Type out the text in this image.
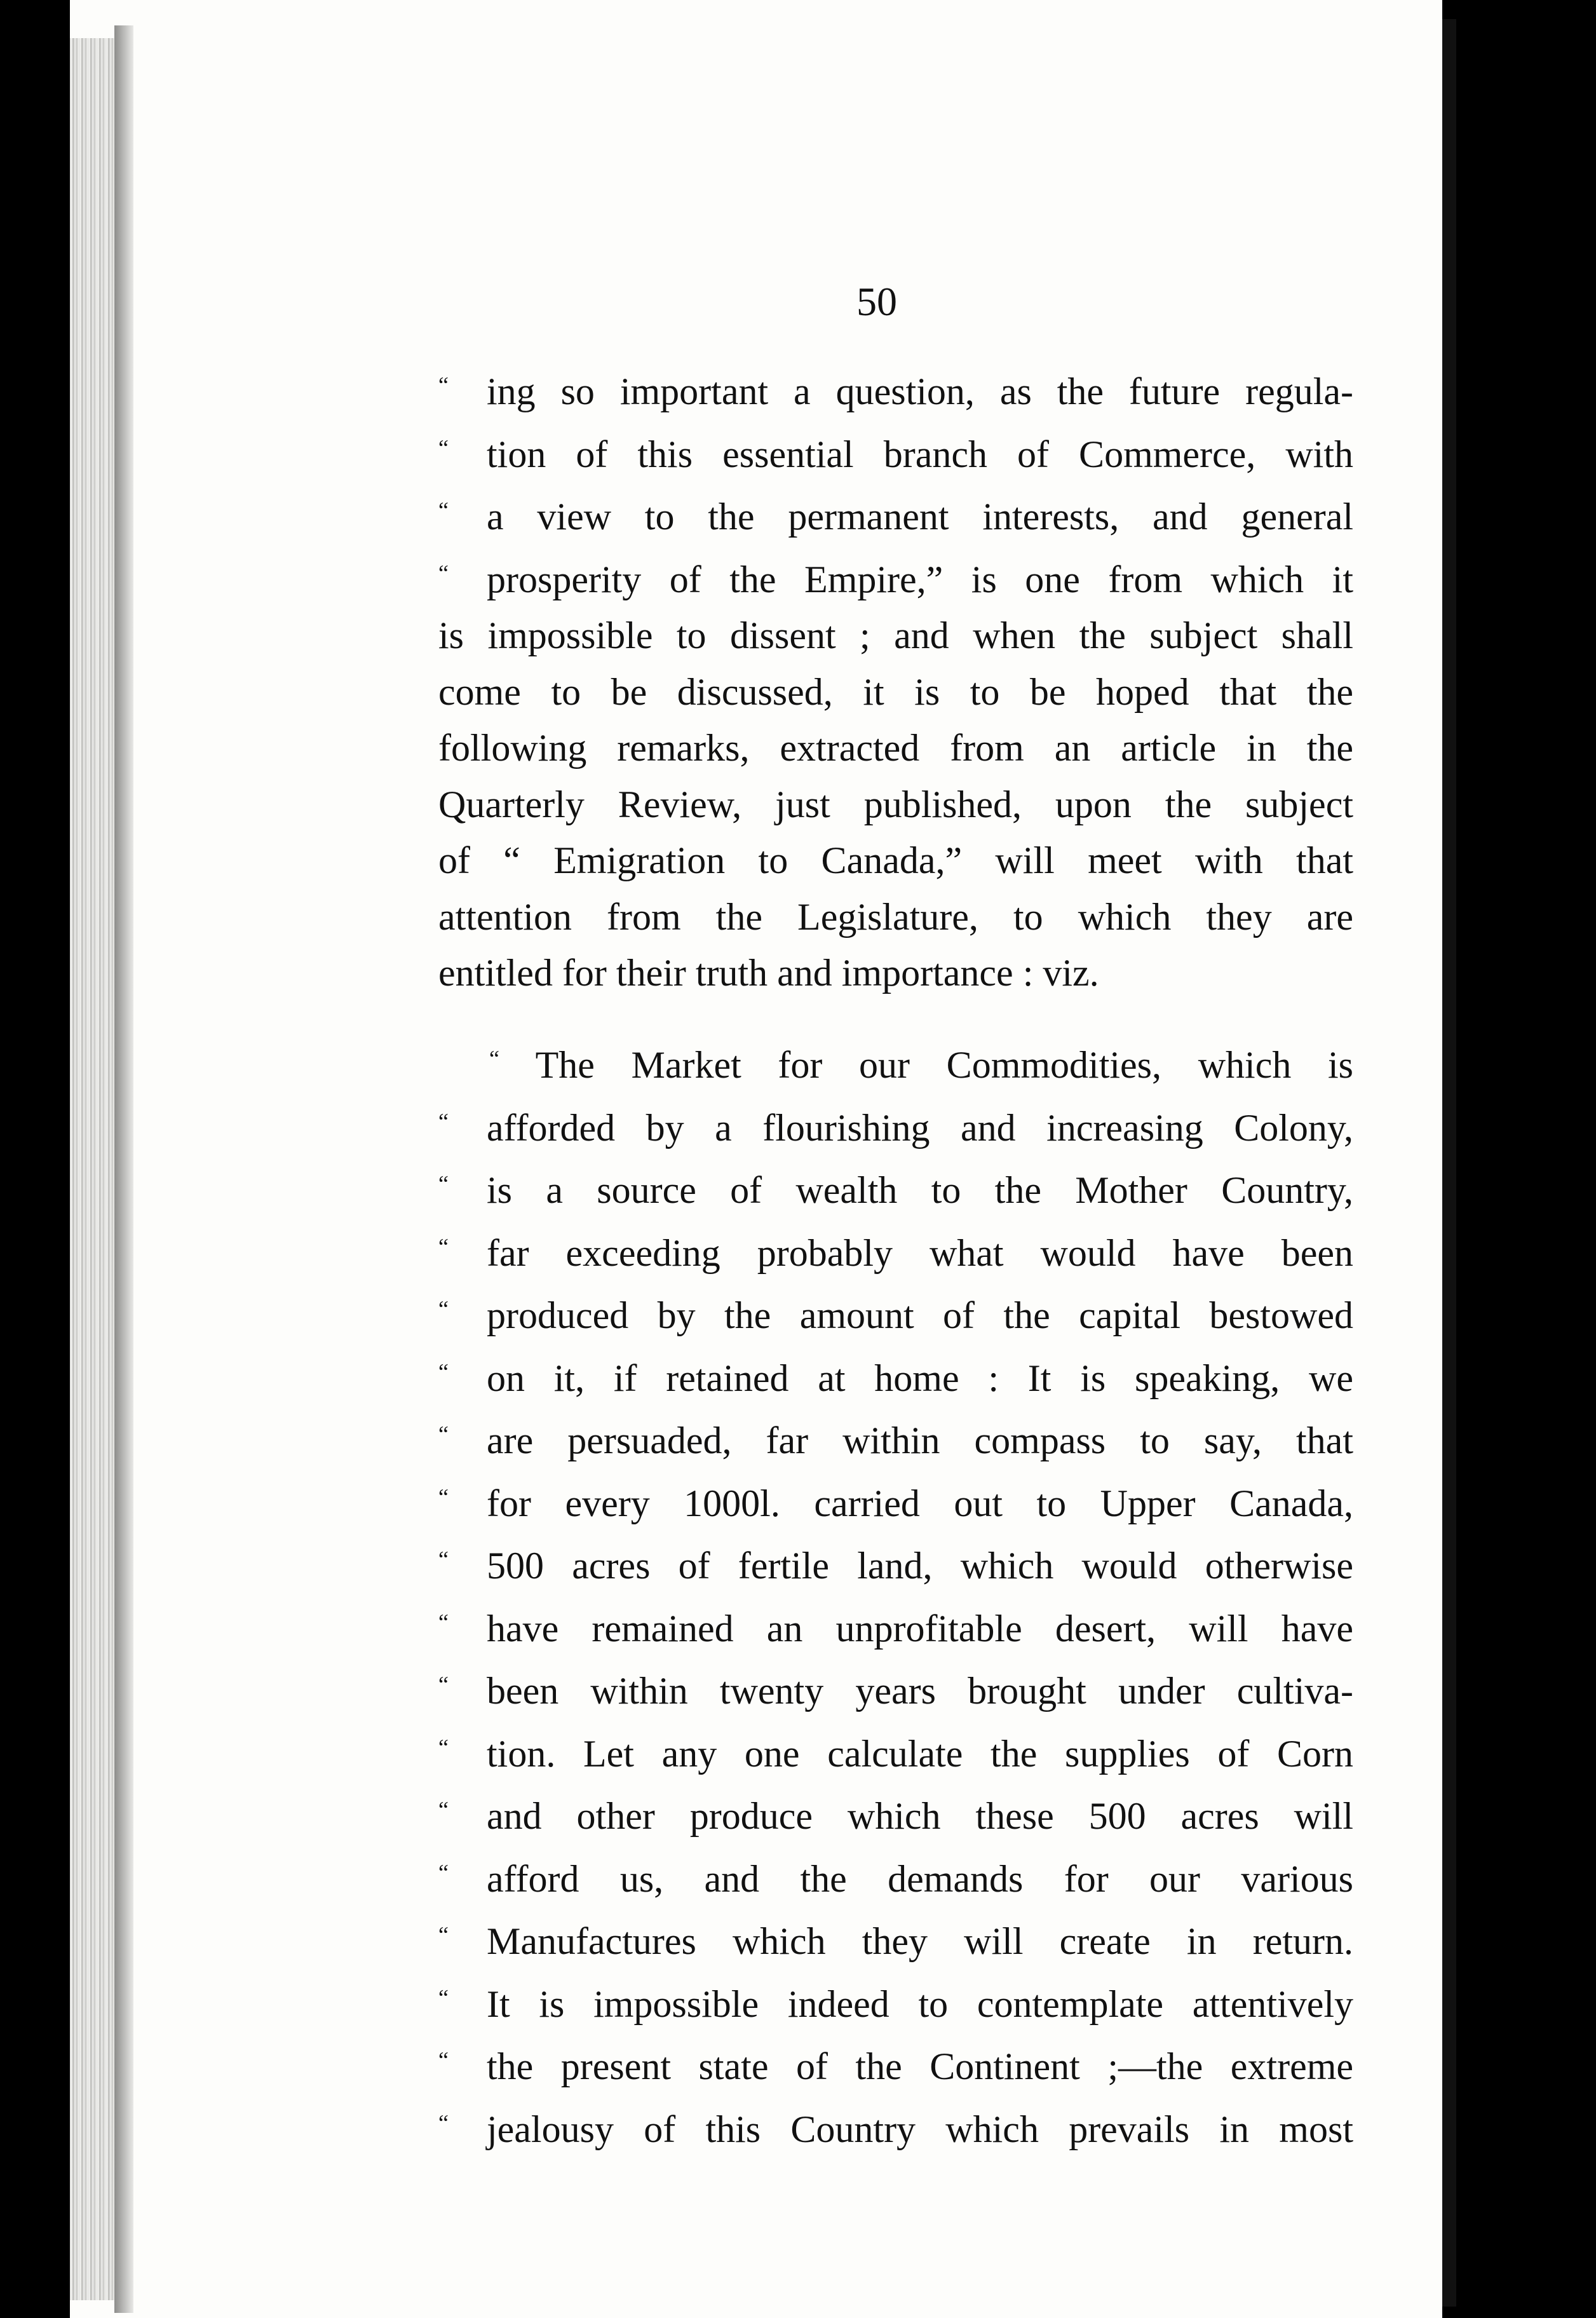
50
“ ing so important a question, as the future regula-
“ tion of this essential branch of Commerce, with
“ a view to the permanent interests, and general
“ prosperity of the Empire,” is one from which it
is impossible to dissent ; and when the subject shall
come to be discussed, it is to be hoped that the
following remarks, extracted from an article in the
Quarterly Review, just published, upon the subject
of “ Emigration to Canada,” will meet with that
attention from the Legislature, to which they are
entitled for their truth and importance : viz.
“ The Market for our Commodities, which is
“ afforded by a flourishing and increasing Colony,
“ is a source of wealth to the Mother Country,
“ far exceeding probably what would have been
“ produced by the amount of the capital bestowed
“ on it, if retained at home : It is speaking, we
“ are persuaded, far within compass to say, that
“ for every 1000l. carried out to Upper Canada,
“ 500 acres of fertile land, which would otherwise
“ have remained an unprofitable desert, will have
“ been within twenty years brought under cultiva-
“ tion. Let any one calculate the supplies of Corn
“ and other produce which these 500 acres will
“ afford us, and the demands for our various
“ Manufactures which they will create in return.
“ It is impossible indeed to contemplate attentively
“ the present state of the Continent ;—the extreme
“ jealousy of this Country which prevails in most
